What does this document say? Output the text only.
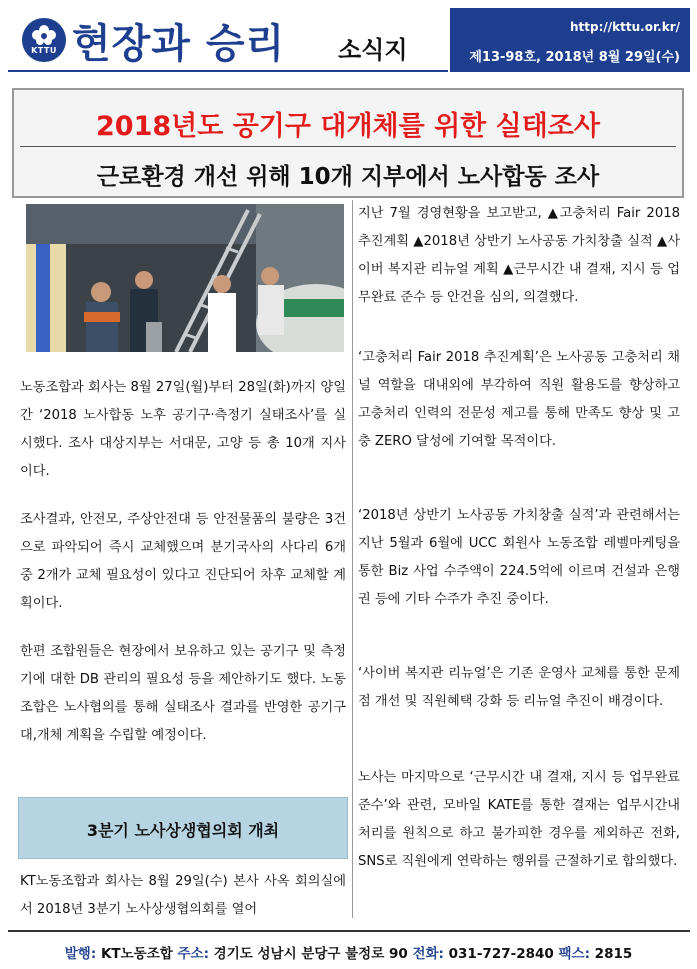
KTTU 현장과 승리 소식지
http://kttu.or.kr/
제13-98호, 2018년 8월 29일(수)
2018년도 공기구 대개체를 위한 실태조사
근로환경 개선 위해 10개 지부에서 노사합동 조사

노동조합과 회사는 8월 27일(월)부터 28일(화)까지 양일간 ‘2018 노사합동 노후 공기구·측정기 실태조사’를 실시했다. 조사 대상지부는 서대문, 고양 등 총 10개 지사이다.

조사결과, 안전모, 주상안전대 등 안전물품의 불량은 3건으로 파악되어 즉시 교체했으며 분기국사의 사다리 6개 중 2개가 교체 필요성이 있다고 진단되어 차후 교체할 계획이다.

한편 조합원들은 현장에서 보유하고 있는 공기구 및 측정기에 대한 DB 관리의 필요성 등을 제안하기도 했다. 노동조합은 노사협의를 통해 실태조사 결과를 반영한 공기구 대,개체 계획을 수립할 예정이다.

3분기 노사상생협의회 개최

KT노동조합과 회사는 8월 29일(수) 본사 사옥 회의실에서 2018년 3분기 노사상생협의회를 열어

지난 7월 경영현황을 보고받고, ▲고충처리 Fair 2018 추진계획 ▲2018년 상반기 노사공동 가치창출 실적 ▲사이버 복지관 리뉴얼 계획 ▲근무시간 내 결재, 지시 등 업무완료 준수 등 안건을 심의, 의결했다.

‘고충처리 Fair 2018 추진계획’은 노사공동 고충처리 채널 역할을 대내외에 부각하여 직원 활용도를 향상하고 고충처리 인력의 전문성 제고를 통해 만족도 향상 및 고충 ZERO 달성에 기여할 목적이다.

‘2018년 상반기 노사공동 가치창출 실적’과 관련해서는 지난 5월과 6월에 UCC 회원사 노동조합 레벨마케팅을 통한 Biz 사업 수주액이 224.5억에 이르며 건설과 은행권 등에 기타 수주가 추진 중이다.

‘사이버 복지관 리뉴얼’은 기존 운영사 교체를 통한 문제점 개선 및 직원혜택 강화 등 리뉴얼 추진이 배경이다.

노사는 마지막으로 ‘근무시간 내 결재, 지시 등 업무완료 준수’와 관련, 모바일 KATE를 통한 결재는 업무시간내 처리를 원칙으로 하고 불가피한 경우를 제외하곤 전화, SNS로 직원에게 연락하는 행위를 근절하기로 합의했다.

발행: KT노동조합 주소: 경기도 성남시 분당구 불정로 90 전화: 031-727-2840 팩스: 2815
